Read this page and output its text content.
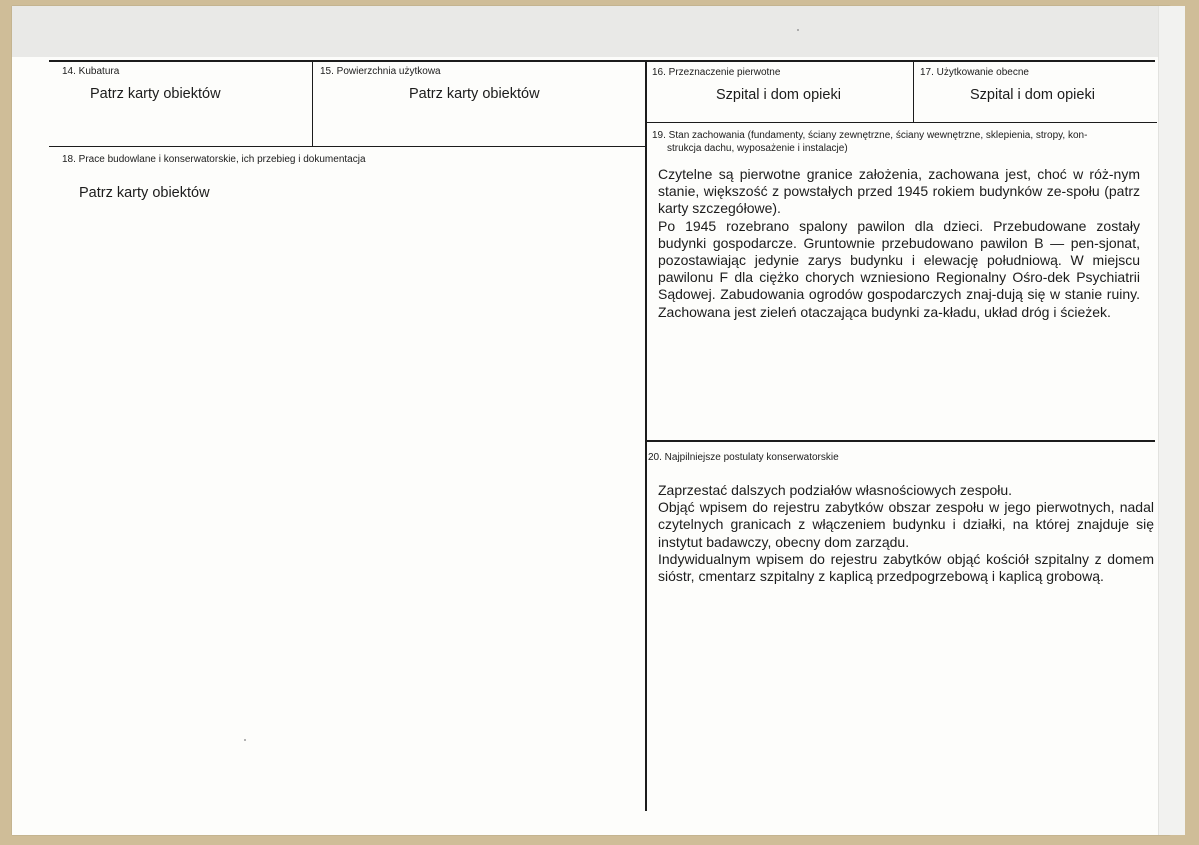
14. Kubatura
Patrz karty obiektów
15. Powierzchnia użytkowa
Patrz karty obiektów
16. Przeznaczenie pierwotne
Szpital i dom opieki
17. Użytkowanie obecne
Szpital i dom opieki
18. Prace budowlane i konserwatorskie, ich przebieg i dokumentacja
Patrz karty obiektów
19. Stan zachowania (fundamenty, ściany zewnętrzne, ściany wewnętrzne, sklepienia, stropy, kon-
strukcja dachu, wyposażenie i instalacje)

Czytelne są pierwotne granice założenia, zachowana jest, choć w róż-nym stanie, większość z powstałych przed 1945 rokiem budynków ze-społu (patrz karty szczegółowe).

Po 1945 rozebrano spalony pawilon dla dzieci. Przebudowane zostały budynki gospodarcze. Gruntownie przebudowano pawilon B — pen-sjonat, pozostawiając jedynie zarys budynku i elewację południową. W miejscu pawilonu F dla ciężko chorych wzniesiono Regionalny Ośro-dek Psychiatrii Sądowej. Zabudowania ogrodów gospodarczych znaj-dują się w stanie ruiny. Zachowana jest zieleń otaczająca budynki za-kładu, układ dróg i ścieżek.

20. Najpilniejsze postulaty konserwatorskie

Zaprzestać dalszych podziałów własnościowych zespołu.

Objąć wpisem do rejestru zabytków obszar zespołu w jego pierwotnych, nadal czytelnych granicach z włączeniem budynku i działki, na której znajduje się instytut badawczy, obecny dom zarządu.

Indywidualnym wpisem do rejestru zabytków objąć kościół szpitalny z domem sióstr, cmentarz szpitalny z kaplicą przedpogrzebową i kaplicą grobową.
